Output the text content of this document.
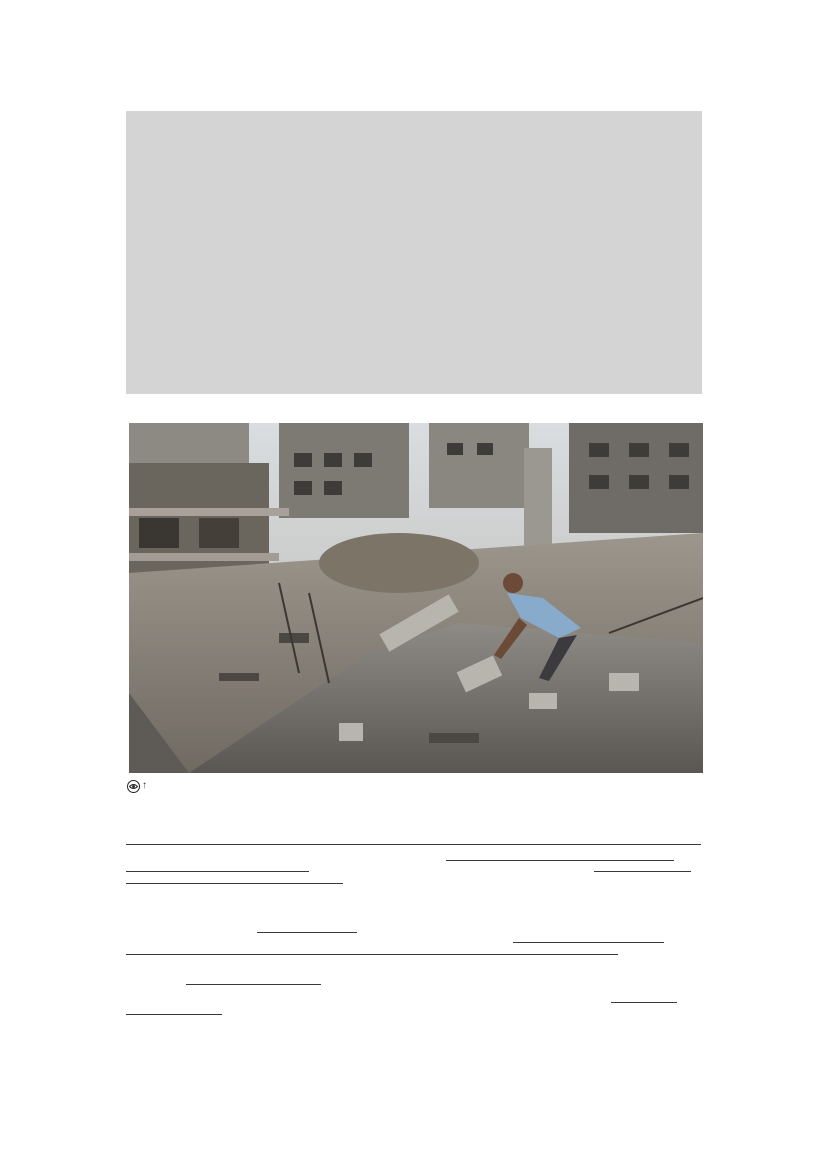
↑
